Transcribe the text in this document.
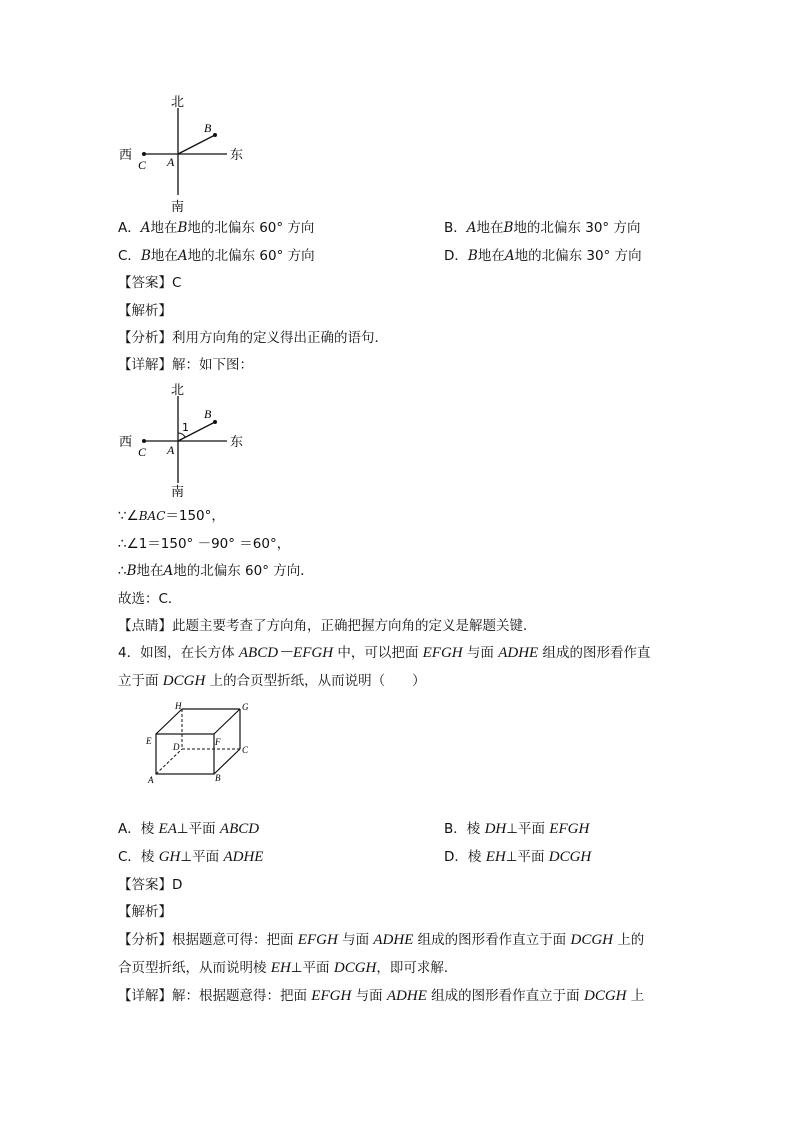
北
南
东
西	A
B
C
A．A地在B地的北偏东 60° 方向	B．A地在B地的北偏东 30° 方向
C．B地在A地的北偏东 60° 方向	D．B地在A地的北偏东 30° 方向
【答案】C
【解析】
【分析】利用方向角的定义得出正确的语句．
【详解】解：如下图：
北
南
东
西
1
A
B
C
∵∠BAC＝150°，
∴∠1＝150° －90° ＝60°，
∴B地在A地的北偏东 60° 方向．
故选：C．
【点睛】此题主要考查了方向角，正确把握方向角的定义是解题关键．
4．如图，在长方体 ABCD－EFGH 中，可以把面 EFGH 与面 ADHE 组成的图形看作直
立于面 DCGH 上的合页型折纸，从而说明（　　）
H	G
E
D	F
C
A	B
A．棱 EA⊥平面 ABCD	B．棱 DH⊥平面 EFGH
C．棱 GH⊥平面 ADHE	D．棱 EH⊥平面 DCGH
【答案】D
【解析】
【分析】根据题意可得：把面 EFGH 与面 ADHE 组成的图形看作直立于面 DCGH 上的
合页型折纸，从而说明棱 EH⊥平面 DCGH，即可求解．
【详解】解：根据题意得：把面 EFGH 与面 ADHE 组成的图形看作直立于面 DCGH 上
